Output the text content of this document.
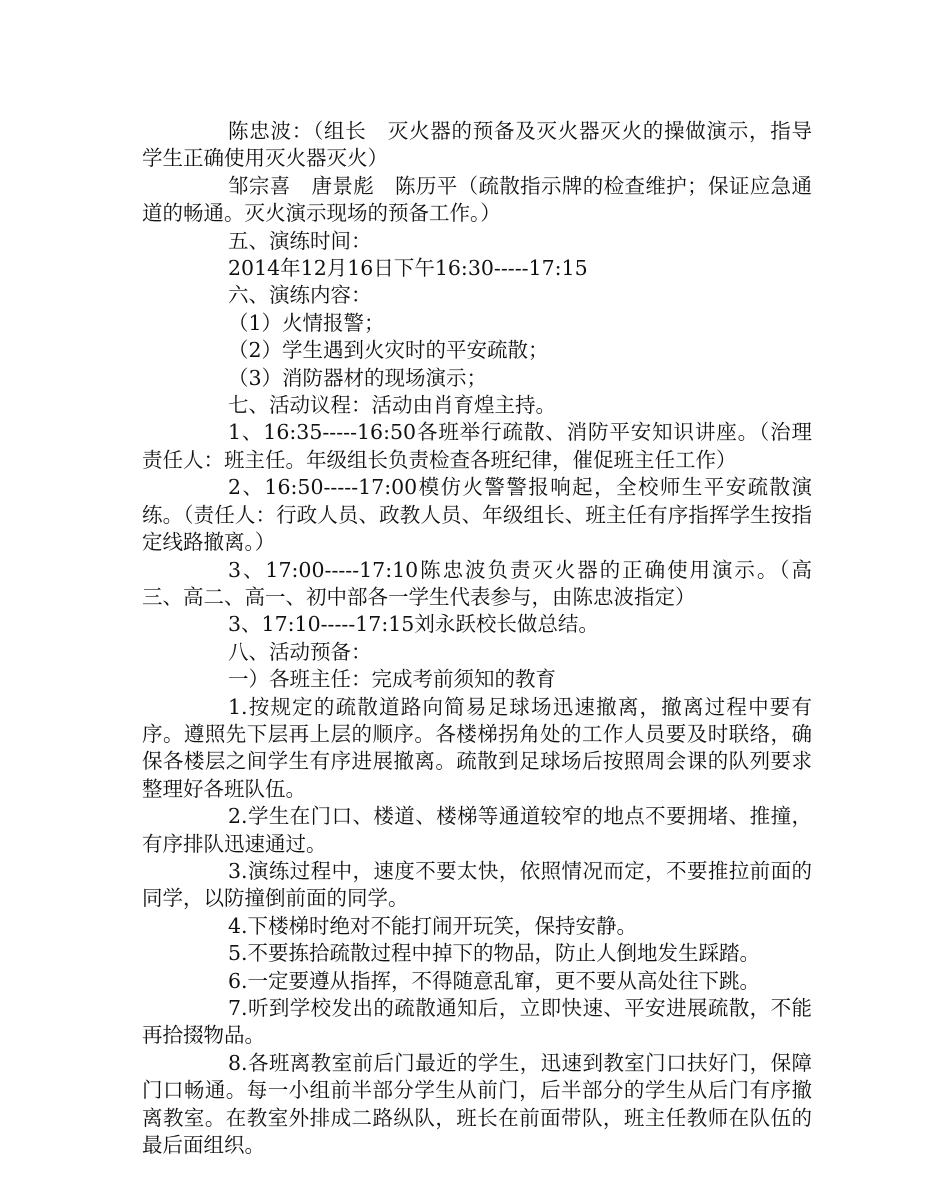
陈忠波：（组长　灭火器的预备及灭火器灭火的操做演示，指导学生正确使用灭火器灭火）

邹宗喜　唐景彪　陈历平（疏散指示牌的检查维护；保证应急通道的畅通。灭火演示现场的预备工作。）

五、演练时间：

2014年12月16日下午16:30-----17:15

六、演练内容：

（1）火情报警；

（2）学生遇到火灾时的平安疏散；

（3）消防器材的现场演示；

七、活动议程：活动由肖育煌主持。

1、16:35-----16:50各班举行疏散、消防平安知识讲座。（治理责任人：班主任。年级组长负责检查各班纪律，催促班主任工作）

2、16:50-----17:00模仿火警警报响起，全校师生平安疏散演练。（责任人：行政人员、政教人员、年级组长、班主任有序指挥学生按指定线路撤离。）

3、17:00-----17:10陈忠波负责灭火器的正确使用演示。（高三、高二、高一、初中部各一学生代表参与，由陈忠波指定）

3、17:10-----17:15刘永跃校长做总结。

八、活动预备：

一）各班主任：完成考前须知的教育

1.按规定的疏散道路向简易足球场迅速撤离，撤离过程中要有序。遵照先下层再上层的顺序。各楼梯拐角处的工作人员要及时联络，确保各楼层之间学生有序进展撤离。疏散到足球场后按照周会课的队列要求整理好各班队伍。

2.学生在门口、楼道、楼梯等通道较窄的地点不要拥堵、推撞，有序排队迅速通过。

3.演练过程中，速度不要太快，依照情况而定，不要推拉前面的同学，以防撞倒前面的同学。

4.下楼梯时绝对不能打闹开玩笑，保持安静。

5.不要拣拾疏散过程中掉下的物品，防止人倒地发生踩踏。

6.一定要遵从指挥，不得随意乱窜，更不要从高处往下跳。

7.听到学校发出的疏散通知后，立即快速、平安进展疏散，不能再拾掇物品。

8.各班离教室前后门最近的学生，迅速到教室门口扶好门，保障门口畅通。每一小组前半部分学生从前门，后半部分的学生从后门有序撤离教室。在教室外排成二路纵队，班长在前面带队，班主任教师在队伍的最后面组织。
